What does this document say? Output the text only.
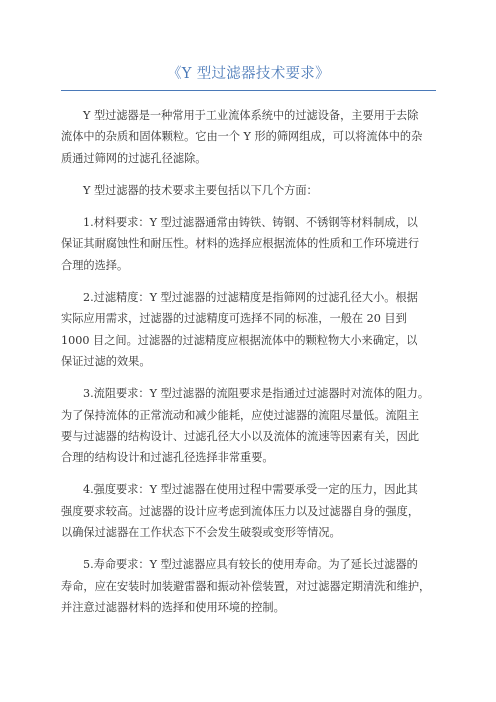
《Y 型过滤器技术要求》

Y 型过滤器是一种常用于工业流体系统中的过滤设备，主要用于去除
流体中的杂质和固体颗粒。它由一个 Y 形的筛网组成，可以将流体中的杂
质通过筛网的过滤孔径滤除。

Y 型过滤器的技术要求主要包括以下几个方面：

1.材料要求：Y 型过滤器通常由铸铁、铸钢、不锈钢等材料制成，以
保证其耐腐蚀性和耐压性。材料的选择应根据流体的性质和工作环境进行
合理的选择。

2.过滤精度：Y 型过滤器的过滤精度是指筛网的过滤孔径大小。根据
实际应用需求，过滤器的过滤精度可选择不同的标准，一般在 20 目到
1000 目之间。过滤器的过滤精度应根据流体中的颗粒物大小来确定，以
保证过滤的效果。

3.流阻要求：Y 型过滤器的流阻要求是指通过过滤器时对流体的阻力。
为了保持流体的正常流动和减少能耗，应使过滤器的流阻尽量低。流阻主
要与过滤器的结构设计、过滤孔径大小以及流体的流速等因素有关，因此
合理的结构设计和过滤孔径选择非常重要。

4.强度要求：Y 型过滤器在使用过程中需要承受一定的压力，因此其
强度要求较高。过滤器的设计应考虑到流体压力以及过滤器自身的强度，
以确保过滤器在工作状态下不会发生破裂或变形等情况。

5.寿命要求：Y 型过滤器应具有较长的使用寿命。为了延长过滤器的
寿命，应在安装时加装避雷器和振动补偿装置，对过滤器定期清洗和维护，
并注意过滤器材料的选择和使用环境的控制。
